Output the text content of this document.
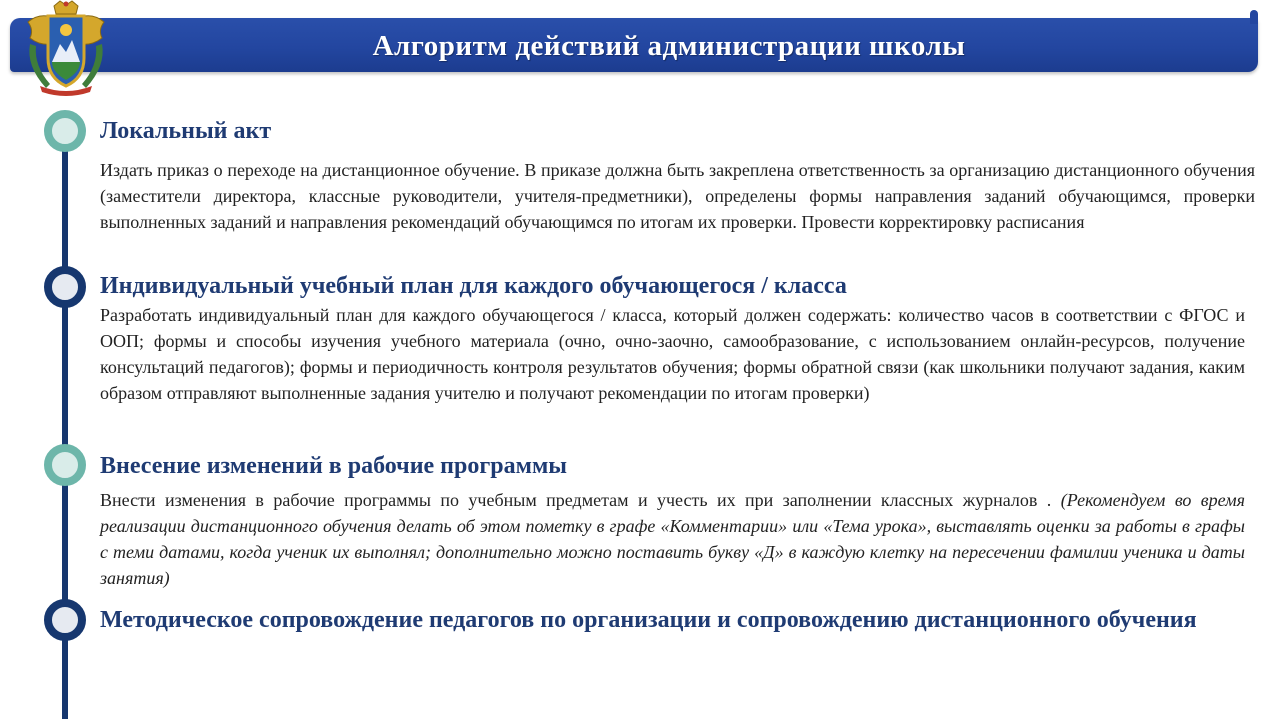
Алгоритм действий администрации школы
Локальный акт
Издать приказ о переходе на дистанционное обучение. В приказе должна быть закреплена ответственность за организацию дистанционного обучения (заместители директора, классные руководители, учителя-предметники), определены формы направления заданий обучающимся, проверки выполненных заданий и направления рекомендаций обучающимся по итогам их проверки. Провести корректировку расписания
Индивидуальный учебный план для каждого обучающегося / класса
Разработать индивидуальный план для каждого обучающегося / класса, который должен содержать: количество часов в соответствии с ФГОС и ООП; формы и способы изучения учебного материала (очно, очно-заочно, самообразование, с использованием онлайн-ресурсов, получение консультаций педагогов); формы и периодичность контроля результатов обучения; формы обратной связи (как школьники получают задания, каким образом отправляют выполненные задания учителю и получают рекомендации по итогам проверки)
Внесение изменений в рабочие программы
Внести изменения в рабочие программы по учебным предметам и учесть их при заполнении классных журналов . (Рекомендуем во время реализации дистанционного обучения делать об этом пометку в графе «Комментарии» или «Тема урока», выставлять оценки за работы в графы с теми датами, когда ученик их выполнял; дополнительно можно поставить букву «Д» в каждую клетку на пересечении фамилии ученика и даты занятия)
Методическое сопровождение педагогов по организации и сопровождению дистанционного обучения
